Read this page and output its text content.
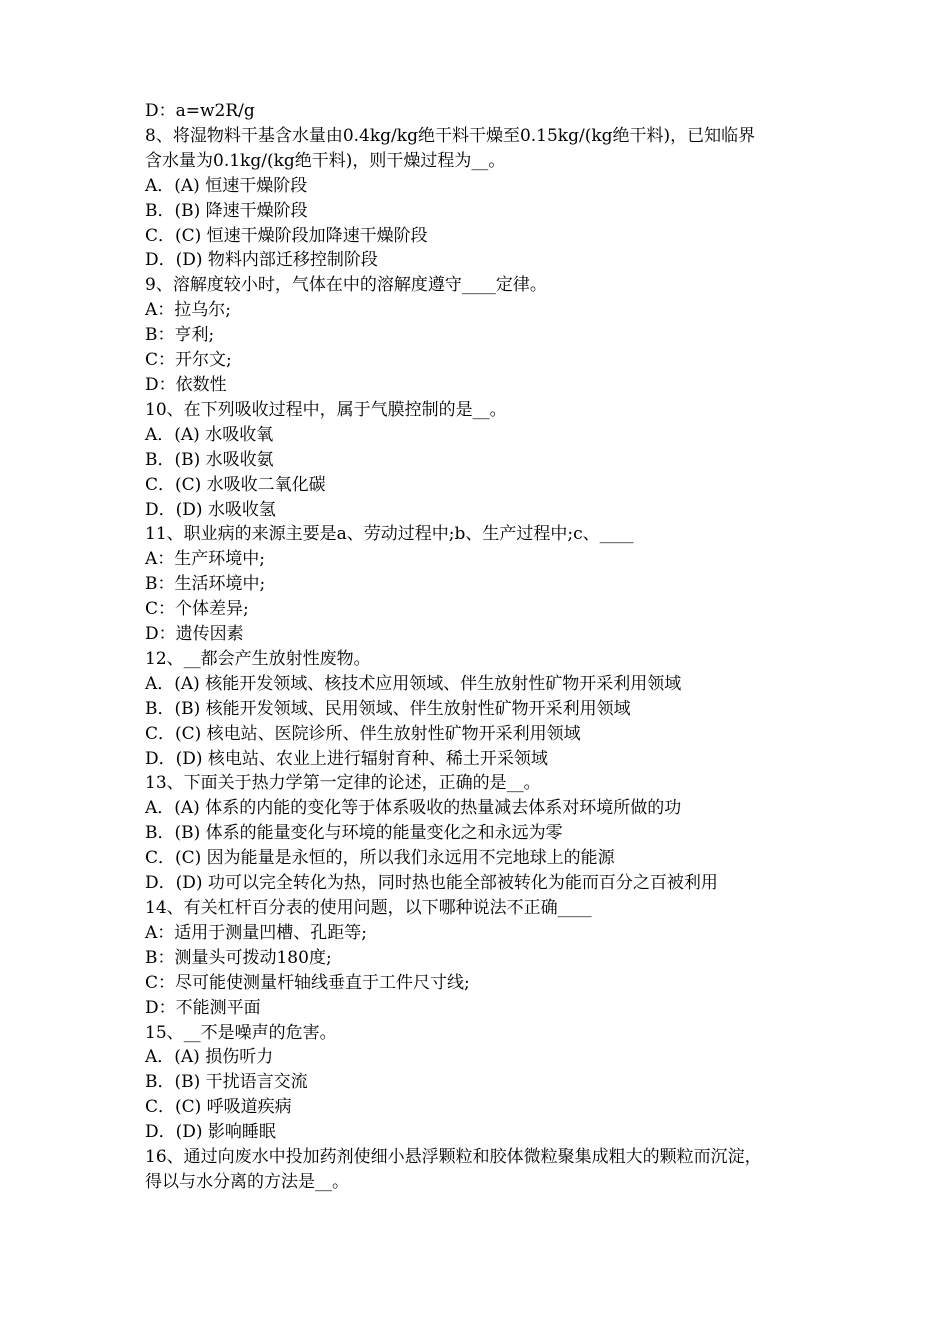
D：a=w2R/g
8、将湿物料干基含水量由0.4kg/kg绝干料干燥至0.15kg/(kg绝干料)，已知临界
含水量为0.1kg/(kg绝干料)，则干燥过程为__。
A．(A) 恒速干燥阶段
B．(B) 降速干燥阶段
C．(C) 恒速干燥阶段加降速干燥阶段
D．(D) 物料内部迁移控制阶段
9、溶解度较小时，气体在中的溶解度遵守____定律。
A：拉乌尔;
B：亨利;
C：开尔文;
D：依数性
10、在下列吸收过程中，属于气膜控制的是__。
A．(A) 水吸收氧
B．(B) 水吸收氨
C．(C) 水吸收二氧化碳
D．(D) 水吸收氢
11、职业病的来源主要是a、劳动过程中;b、生产过程中;c、____
A：生产环境中;
B：生活环境中;
C：个体差异;
D：遗传因素
12、__都会产生放射性废物。
A．(A) 核能开发领域、核技术应用领域、伴生放射性矿物开采利用领域
B．(B) 核能开发领域、民用领域、伴生放射性矿物开采利用领域
C．(C) 核电站、医院诊所、伴生放射性矿物开采利用领域
D．(D) 核电站、农业上进行辐射育种、稀土开采领域
13、下面关于热力学第一定律的论述，正确的是__。
A．(A) 体系的内能的变化等于体系吸收的热量减去体系对环境所做的功
B．(B) 体系的能量变化与环境的能量变化之和永远为零
C．(C) 因为能量是永恒的，所以我们永远用不完地球上的能源
D．(D) 功可以完全转化为热，同时热也能全部被转化为能而百分之百被利用
14、有关杠杆百分表的使用问题，以下哪种说法不正确____
A：适用于测量凹槽、孔距等;
B：测量头可拨动180度;
C：尽可能使测量杆轴线垂直于工件尺寸线;
D：不能测平面
15、__不是噪声的危害。
A．(A) 损伤听力
B．(B) 干扰语言交流
C．(C) 呼吸道疾病
D．(D) 影响睡眠
16、通过向废水中投加药剂使细小悬浮颗粒和胶体微粒聚集成粗大的颗粒而沉淀，
得以与水分离的方法是__。
